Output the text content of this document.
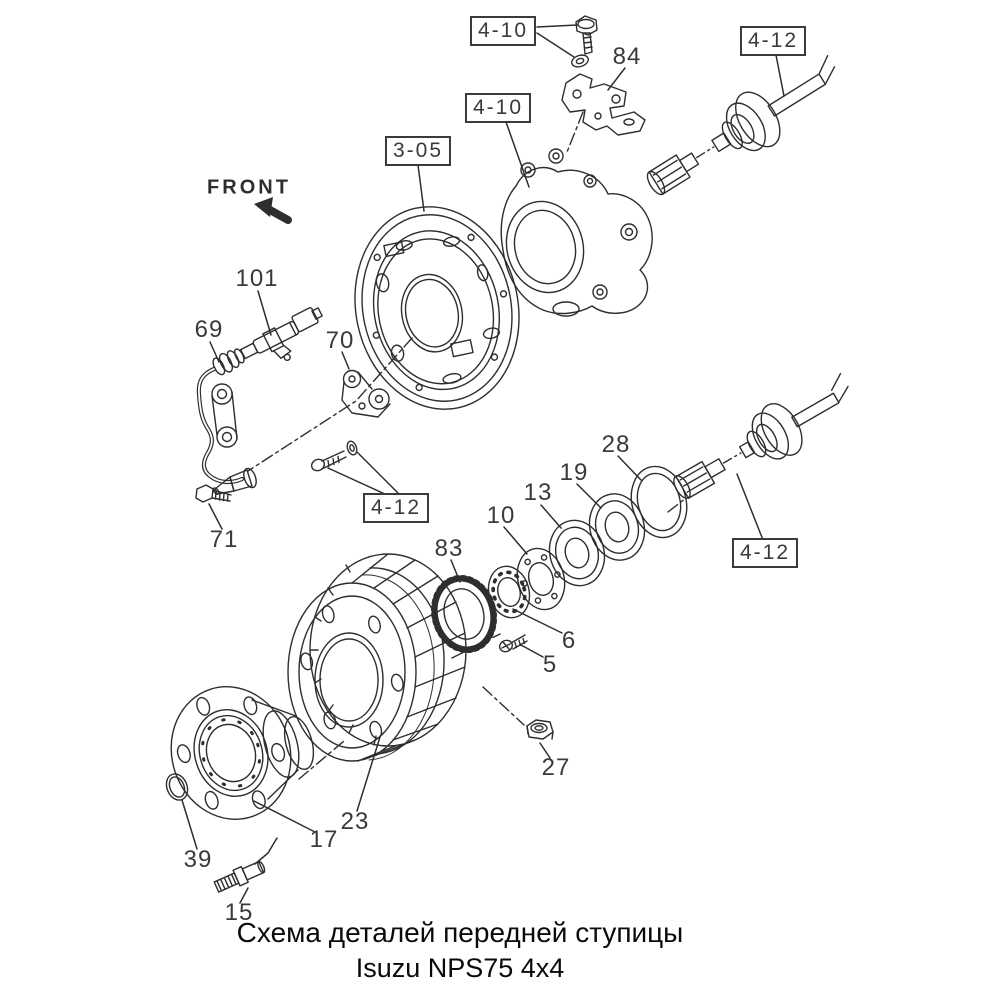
4-10	4-12
4-10
3-05
4-12
4-12
84
101
69	70
71
28
19
13
10
83
6
5
27
23
17
39
15
FRONT
Схема деталей передней ступицы
Isuzu NPS75 4x4
